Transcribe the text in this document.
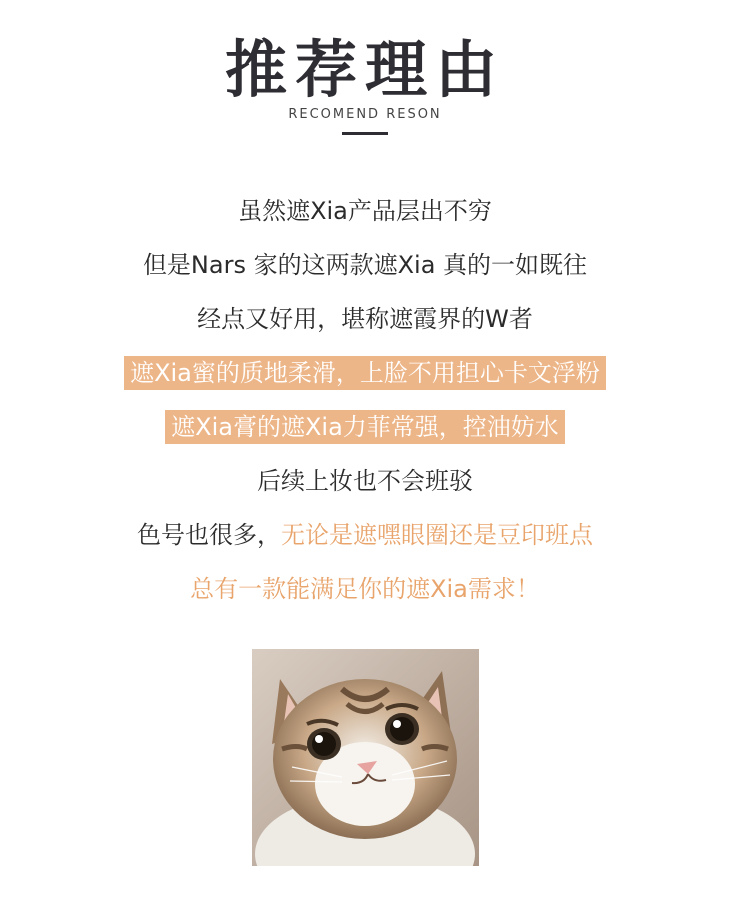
推荐理由
RECOMEND RESON
虽然遮Xia产品层出不穷
但是Nars 家的这两款遮Xia 真的一如既往
经点又好用，堪称遮霞界的W者
遮Xia蜜的质地柔滑，上脸不用担心卡文浮粉
遮Xia膏的遮Xia力菲常强，控油妨水
后续上妆也不会班驳
色号也很多，无论是遮嘿眼圈还是豆印班点
总有一款能满足你的遮Xia需求！
